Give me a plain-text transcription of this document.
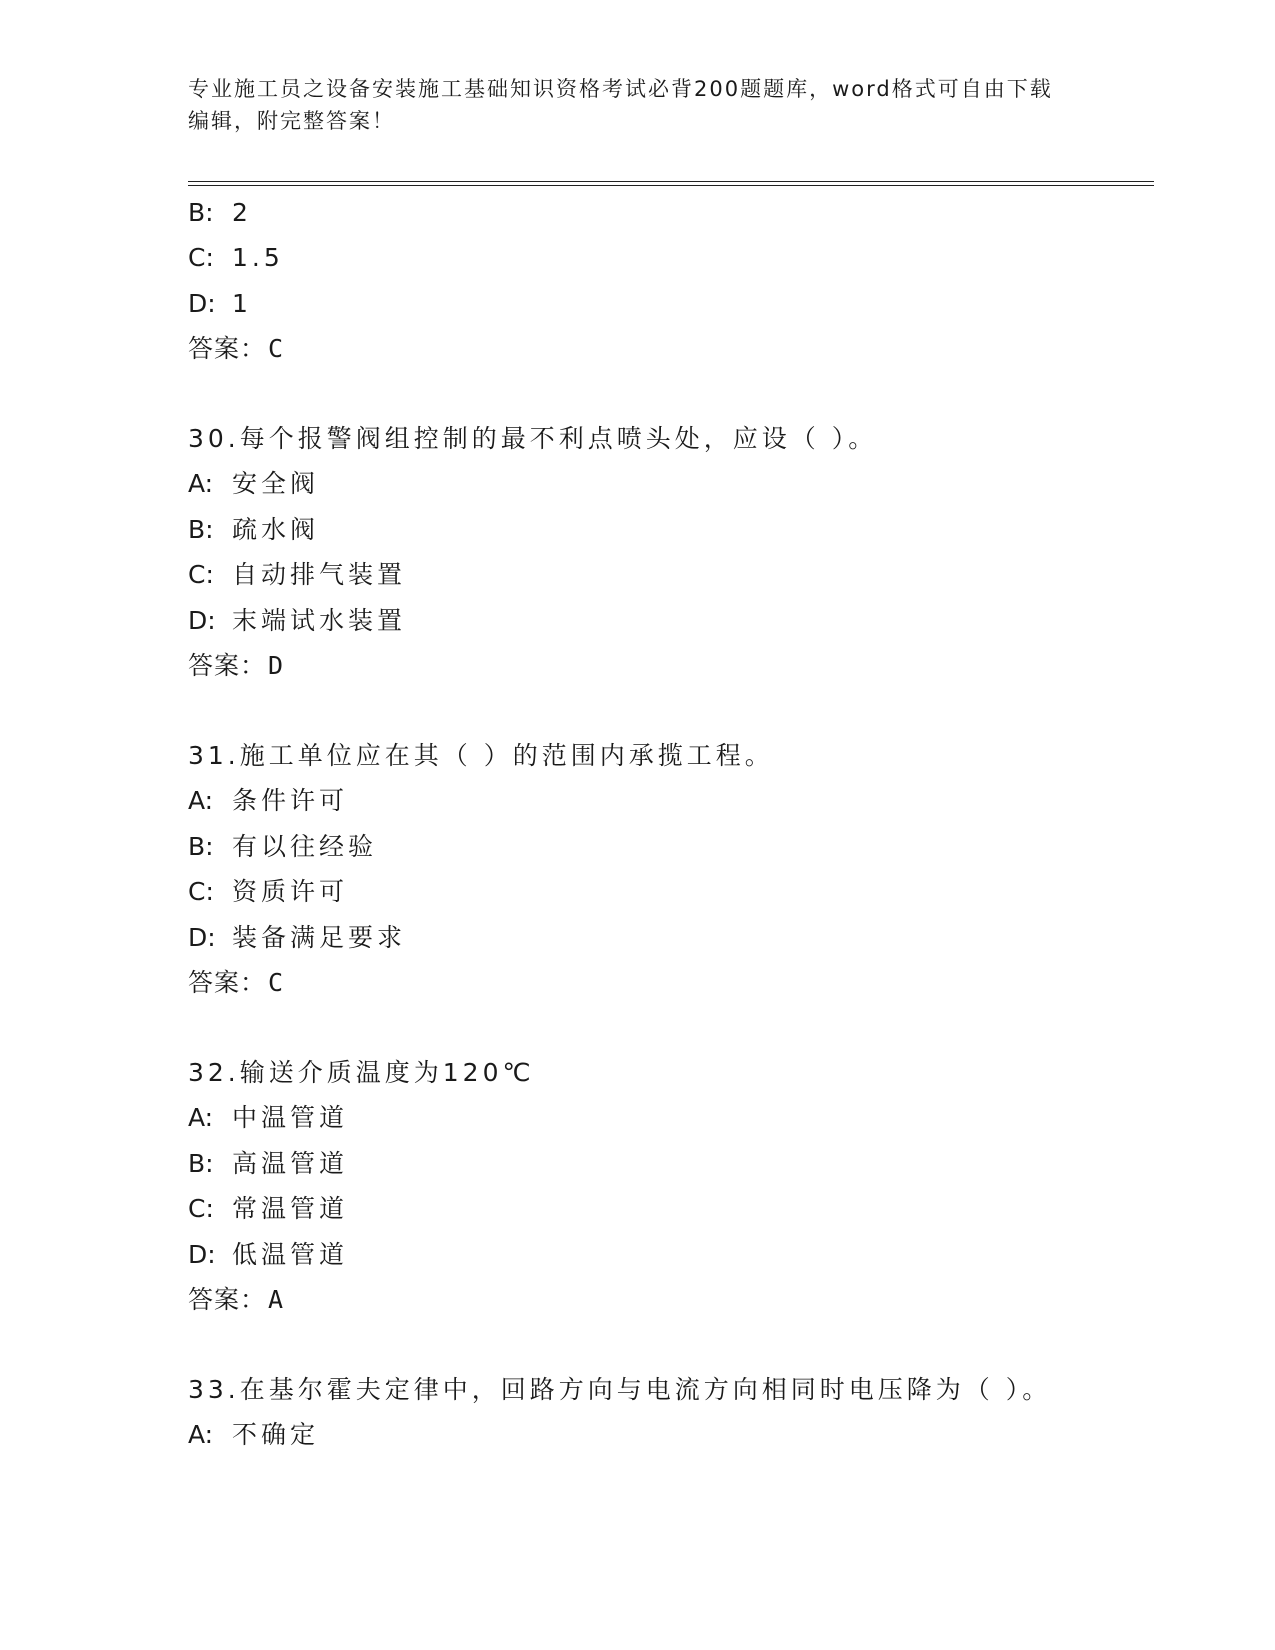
专业施工员之设备安装施工基础知识资格考试必背200题题库，word格式可自由下载编辑，附完整答案！
B: 2
C: 1.5
D: 1
答案：C
30.每个报警阀组控制的最不利点喷头处，应设（ ）。
A: 安全阀
B: 疏水阀
C: 自动排气装置
D: 末端试水装置
答案：D
31.施工单位应在其（ ）的范围内承揽工程。
A: 条件许可
B: 有以往经验
C: 资质许可
D: 装备满足要求
答案：C
32.输送介质温度为120℃
A: 中温管道
B: 高温管道
C: 常温管道
D: 低温管道
答案：A
33.在基尔霍夫定律中，回路方向与电流方向相同时电压降为（ ）。
A: 不确定
